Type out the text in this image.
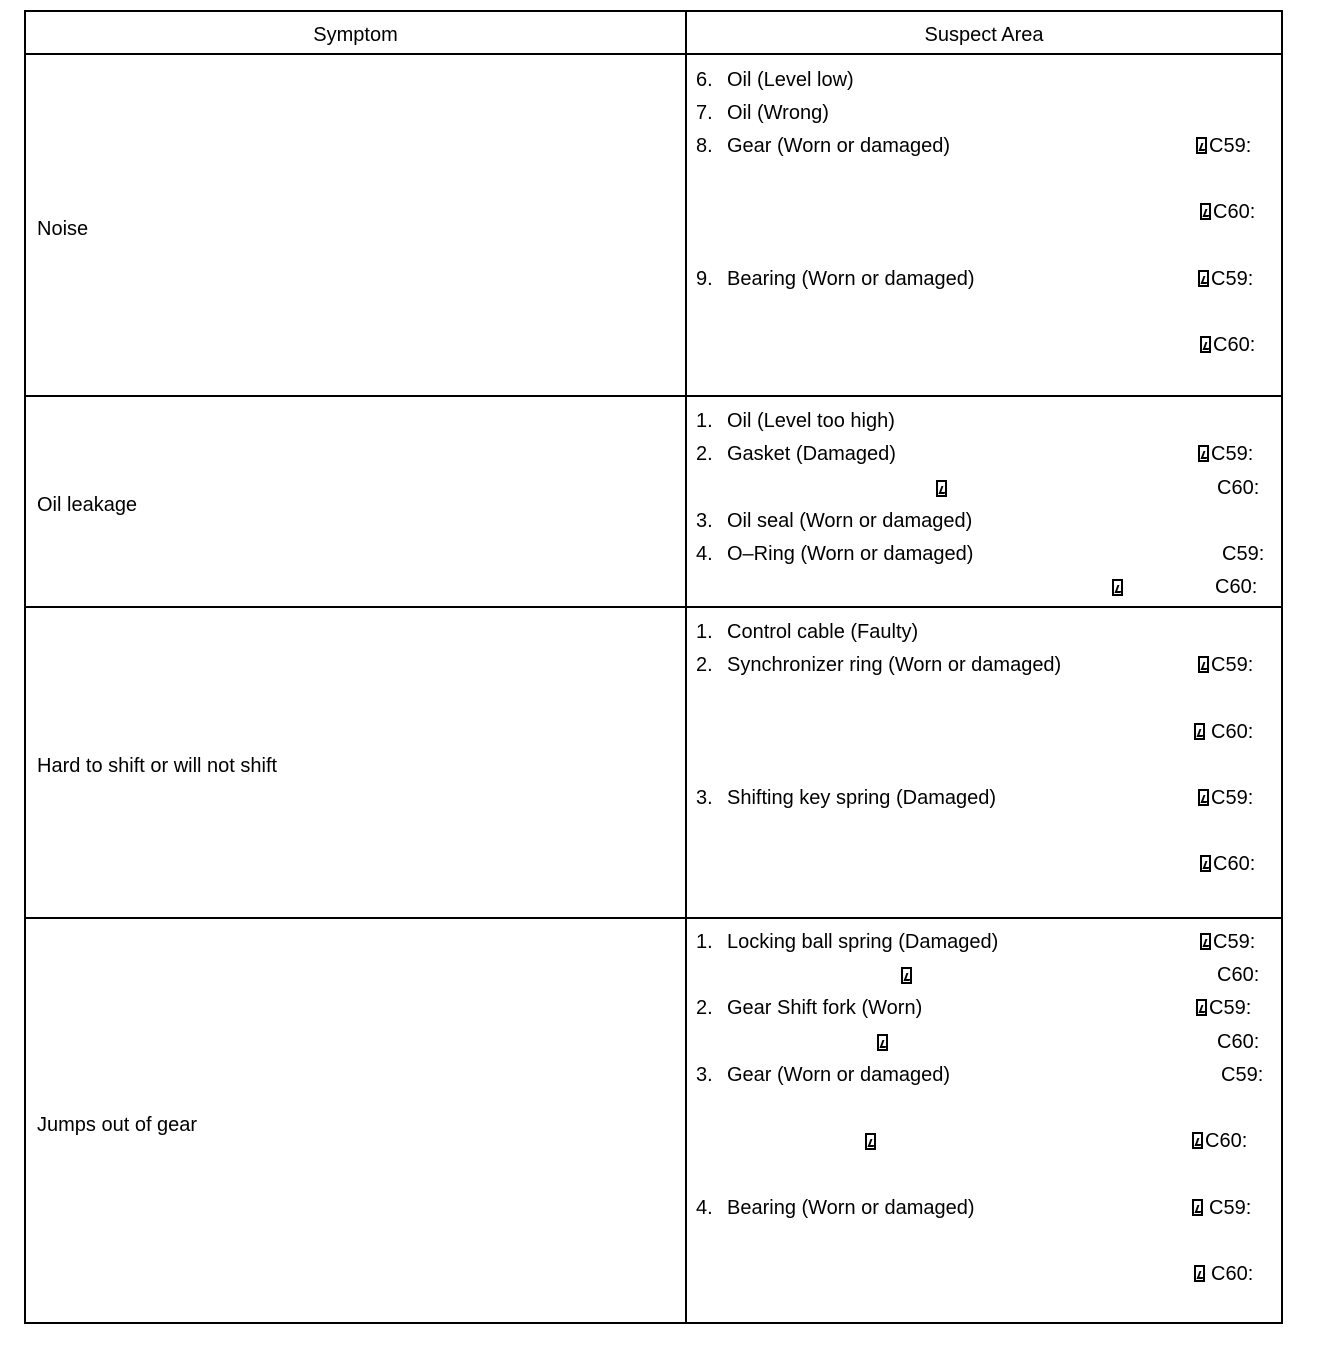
Symptom	Suspect Area
Noise
6. Oil (Level low)
7. Oil (Wrong)
8. Gear (Worn or damaged)	C59:
C60:
9. Bearing (Worn or damaged)	C59:
C60:
Oil leakage
1. Oil (Level too high)
2. Gasket (Damaged)	C59:
C60:
3. Oil seal (Worn or damaged)
4. O–Ring (Worn or damaged)	C59:
C60:
Hard to shift or will not shift
1. Control cable (Faulty)
2. Synchronizer ring (Worn or damaged)	C59:
C60:
3. Shifting key spring (Damaged)	C59:
C60:
Jumps out of gear
1. Locking ball spring (Damaged)	C59:
C60:
2. Gear Shift fork (Worn)	C59:
C60:
3. Gear (Worn or damaged)	C59:
C60:
4. Bearing (Worn or damaged)	C59:
C60:
